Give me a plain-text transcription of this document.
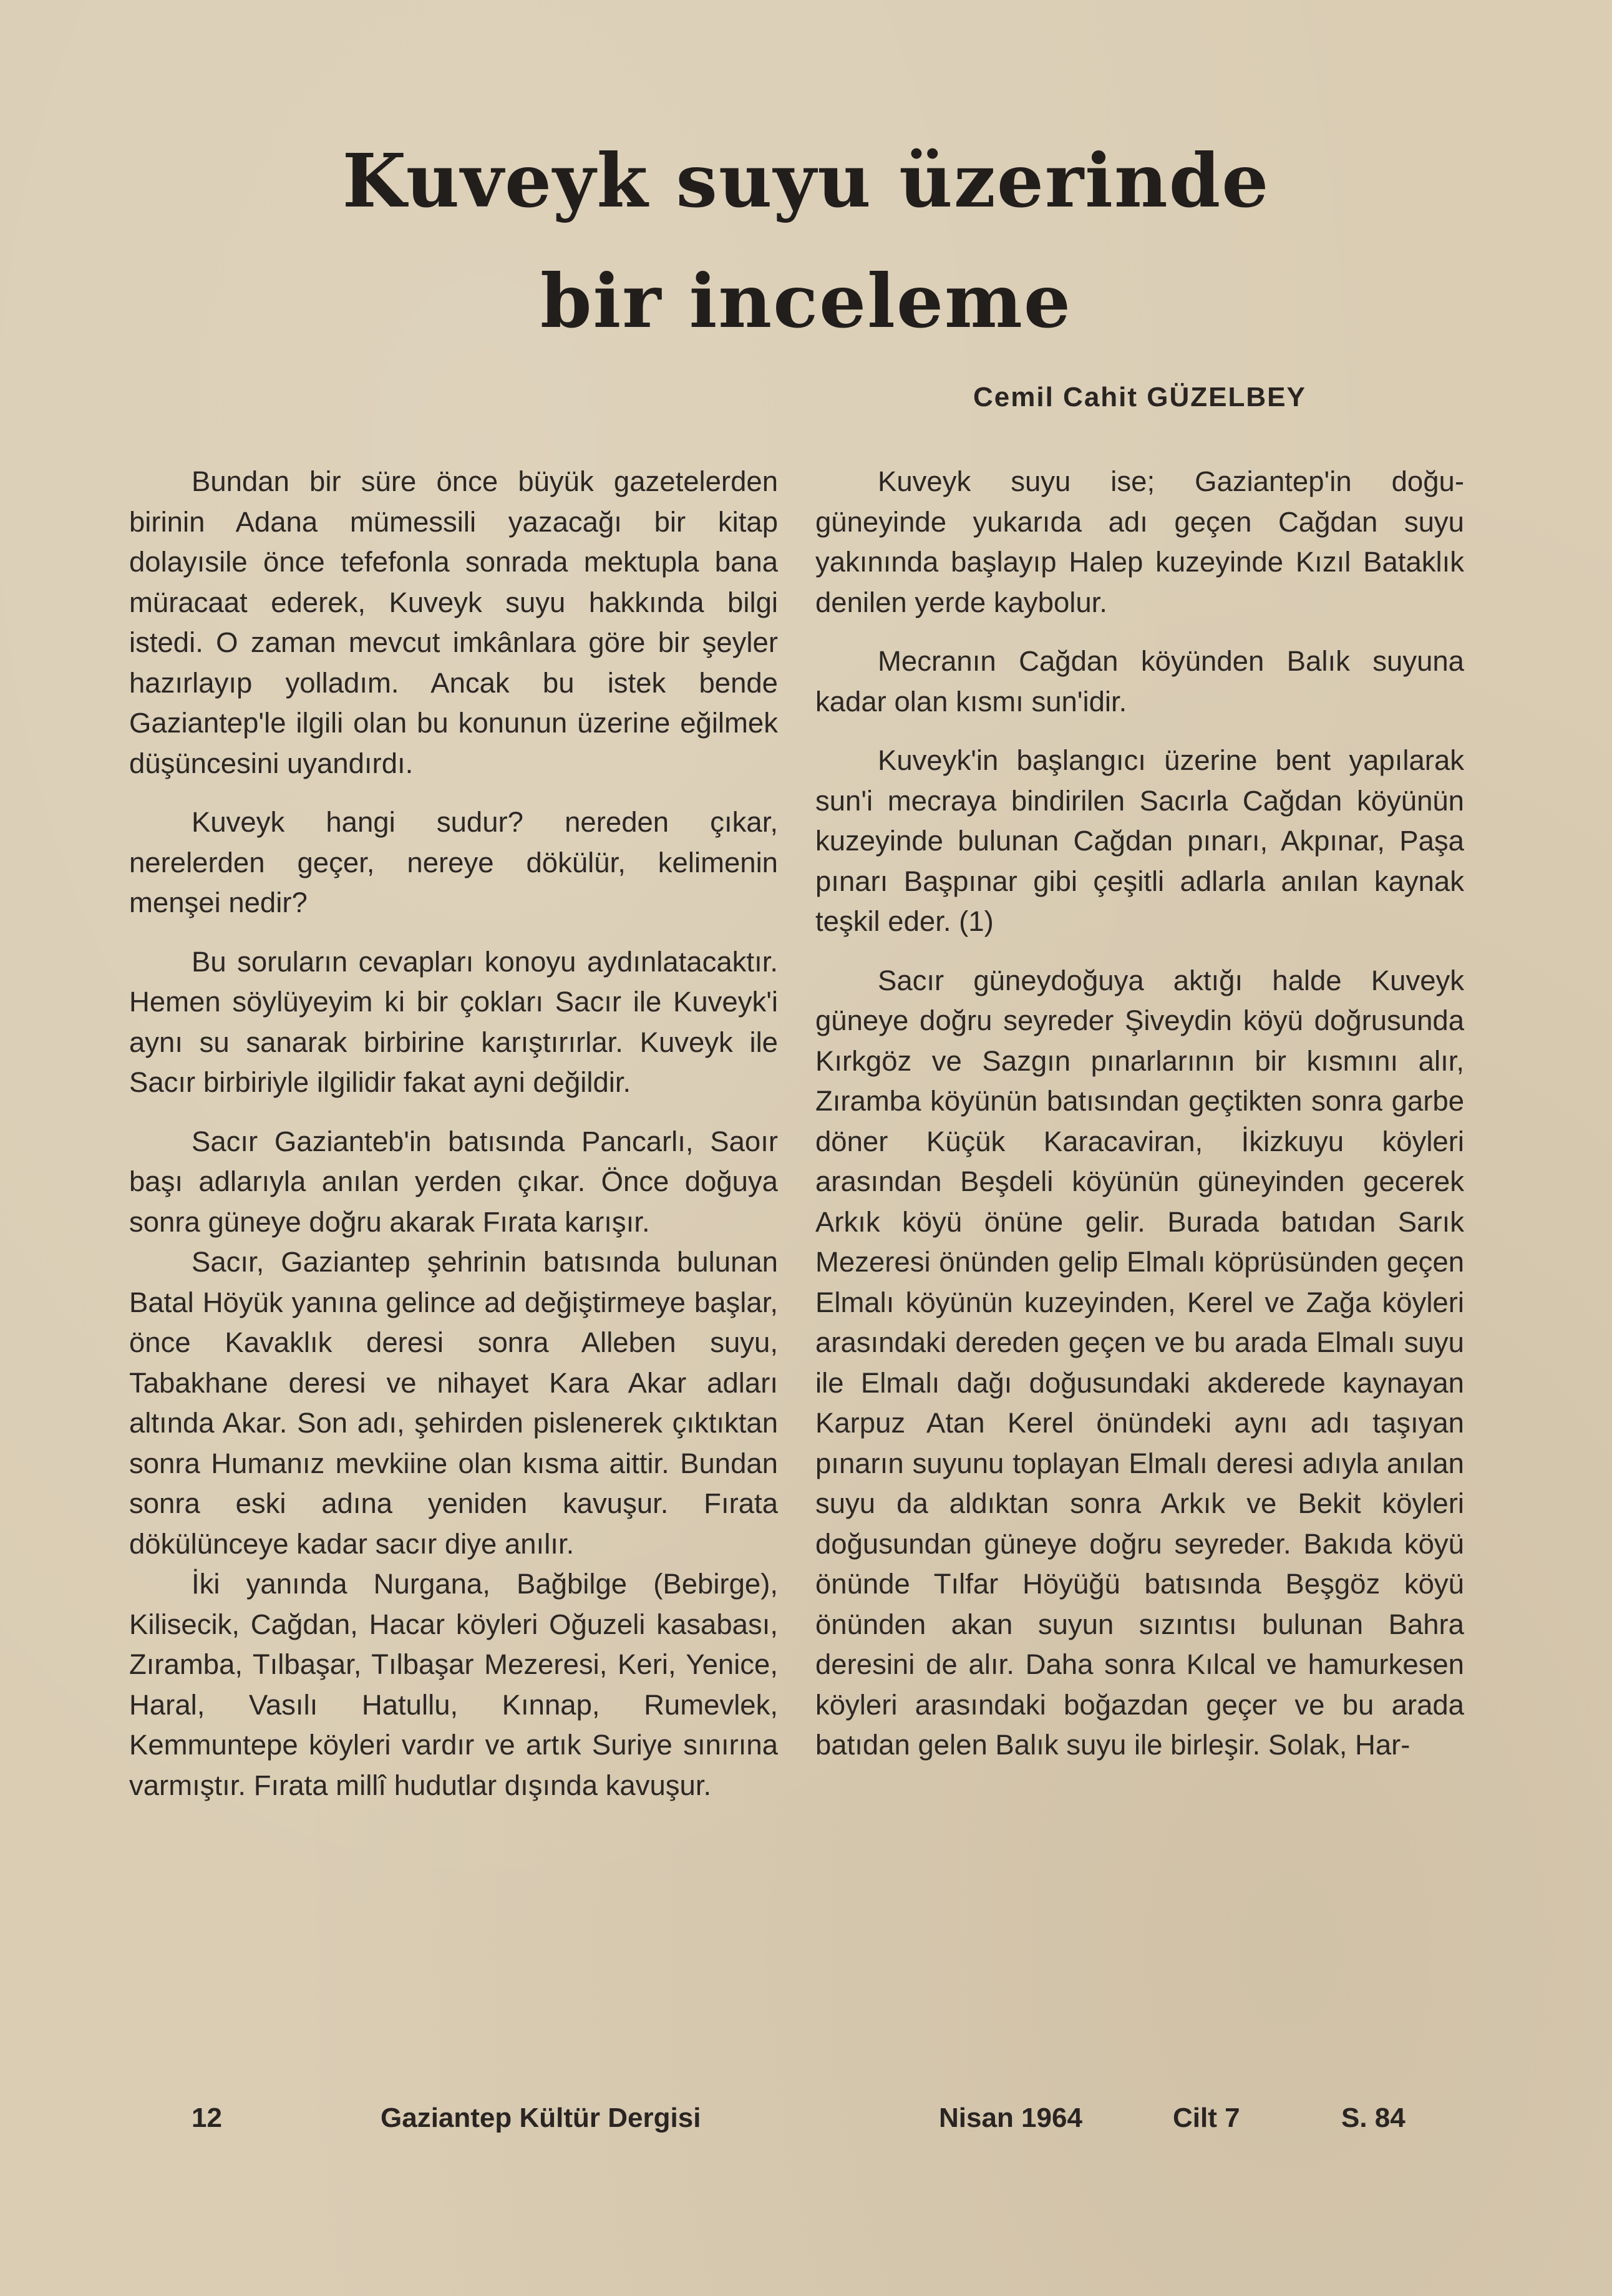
Kuveyk suyu üzerinde
bir inceleme
Cemil Cahit GÜZELBEY

Bundan bir süre önce büyük gazetelerden birinin Adana mümessili yazacağı bir kitap dolayısile önce tefefonla sonrada mektupla bana müracaat ederek, Kuveyk suyu hakkında bilgi istedi. O zaman mevcut imkânlara göre bir şeyler hazırlayıp yolladım. Ancak bu istek bende Gaziantep'le ilgili olan bu konunun üzerine eğilmek düşüncesini uyandırdı.

Kuveyk hangi sudur? nereden çıkar, nerelerden geçer, nereye dökülür, kelimenin menşei nedir?

Bu soruların cevapları konoyu aydınlatacaktır. Hemen söylüyeyim ki bir çokları Sacır ile Kuveyk'i aynı su sanarak birbirine karıştırırlar. Kuveyk ile Sacır birbiriyle ilgilidir fakat ayni değildir.

Sacır Gazianteb'in batısında Pancarlı, Saoır başı adlarıyla anılan yerden çıkar. Önce doğuya sonra güneye doğru akarak Fırata karışır.

Sacır, Gaziantep şehrinin batısında bulunan Batal Höyük yanına gelince ad değiştirmeye başlar, önce Kavaklık deresi sonra Alleben suyu, Tabakhane deresi ve nihayet Kara Akar adları altında Akar. Son adı, şehirden pislenerek çıktıktan sonra Humanız mevkiine olan kısma aittir. Bundan sonra eski adına yeniden kavuşur. Fırata dökülünceye kadar sacır diye anılır.

İki yanında Nurgana, Bağbilge (Bebirge), Kilisecik, Cağdan, Hacar köyleri Oğuzeli kasabası, Zıramba, Tılbaşar, Tılbaşar Mezeresi, Keri, Yenice, Haral, Vasılı Hatullu, Kınnap, Rumevlek, Kemmuntepe köyleri vardır ve artık Suriye sınırına varmıştır. Fırata millî hudutlar dışında kavuşur.

Kuveyk suyu ise; Gaziantep'in doğu-güneyinde yukarıda adı geçen Cağdan suyu yakınında başlayıp Halep kuzeyinde Kızıl Bataklık denilen yerde kaybolur.

Mecranın Cağdan köyünden Balık suyuna kadar olan kısmı sun'idir.

Kuveyk'in başlangıcı üzerine bent yapılarak sun'i mecraya bindirilen Sacırla Cağdan köyünün kuzeyinde bulunan Cağdan pınarı, Akpınar, Paşa pınarı Başpınar gibi çeşitli adlarla anılan kaynak teşkil eder. (1)

Sacır güneydoğuya aktığı halde Kuveyk güneye doğru seyreder Şiveydin köyü doğrusunda Kırkgöz ve Sazgın pınarlarının bir kısmını alır, Zıramba köyünün batısından geçtikten sonra garbe döner Küçük Karacaviran, İkizkuyu köyleri arasından Beşdeli köyünün güneyinden gecerek Arkık köyü önüne gelir. Burada batıdan Sarık Mezeresi önünden gelip Elmalı köprüsünden geçen Elmalı köyünün kuzeyinden, Kerel ve Zağa köyleri arasındaki dereden geçen ve bu arada Elmalı suyu ile Elmalı dağı doğusundaki akderede kaynayan Karpuz Atan Kerel önündeki aynı adı taşıyan pınarın suyunu toplayan Elmalı deresi adıyla anılan suyu da aldıktan sonra Arkık ve Bekit köyleri doğusundan güneye doğru seyreder. Bakıda köyü önünde Tılfar Höyüğü batısında Beşgöz köyü önünden akan suyun sızıntısı bulunan Bahra deresini de alır. Daha sonra Kılcal ve hamurkesen köyleri arasındaki boğazdan geçer ve bu arada batıdan gelen Balık suyu ile birleşir. Solak, Har-

12	Gaziantep Kültür Dergisi	Nisan 1964	Cilt 7	S. 84
